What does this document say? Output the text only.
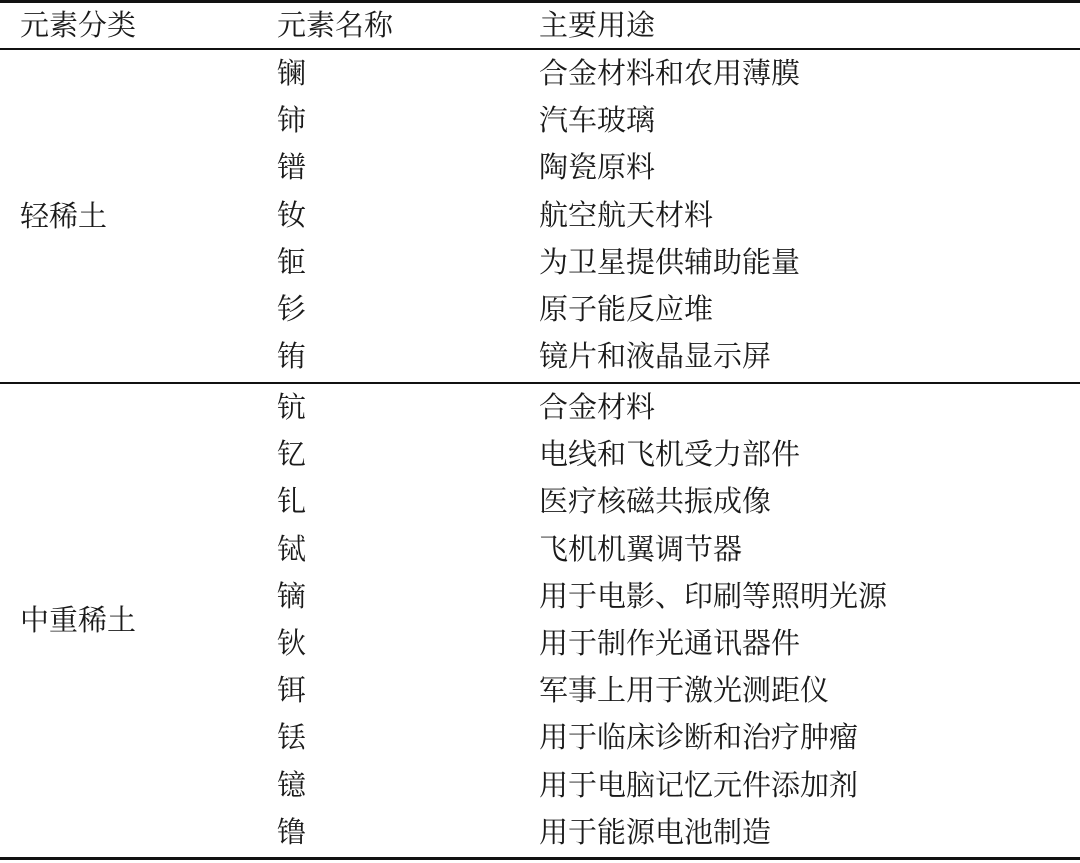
元素分类	元素名称	主要用途
轻稀土
镧	合金材料和农用薄膜
铈	汽车玻璃
镨	陶瓷原料
钕	航空航天材料
钷	为卫星提供辅助能量
钐	原子能反应堆
铕	镜片和液晶显示屏
中重稀土
钪	合金材料
钇	电线和飞机受力部件
钆	医疗核磁共振成像
铽	飞机机翼调节器
镝	用于电影、印刷等照明光源
钬	用于制作光通讯器件
铒	军事上用于激光测距仪
铥	用于临床诊断和治疗肿瘤
镱	用于电脑记忆元件添加剂
镥	用于能源电池制造
